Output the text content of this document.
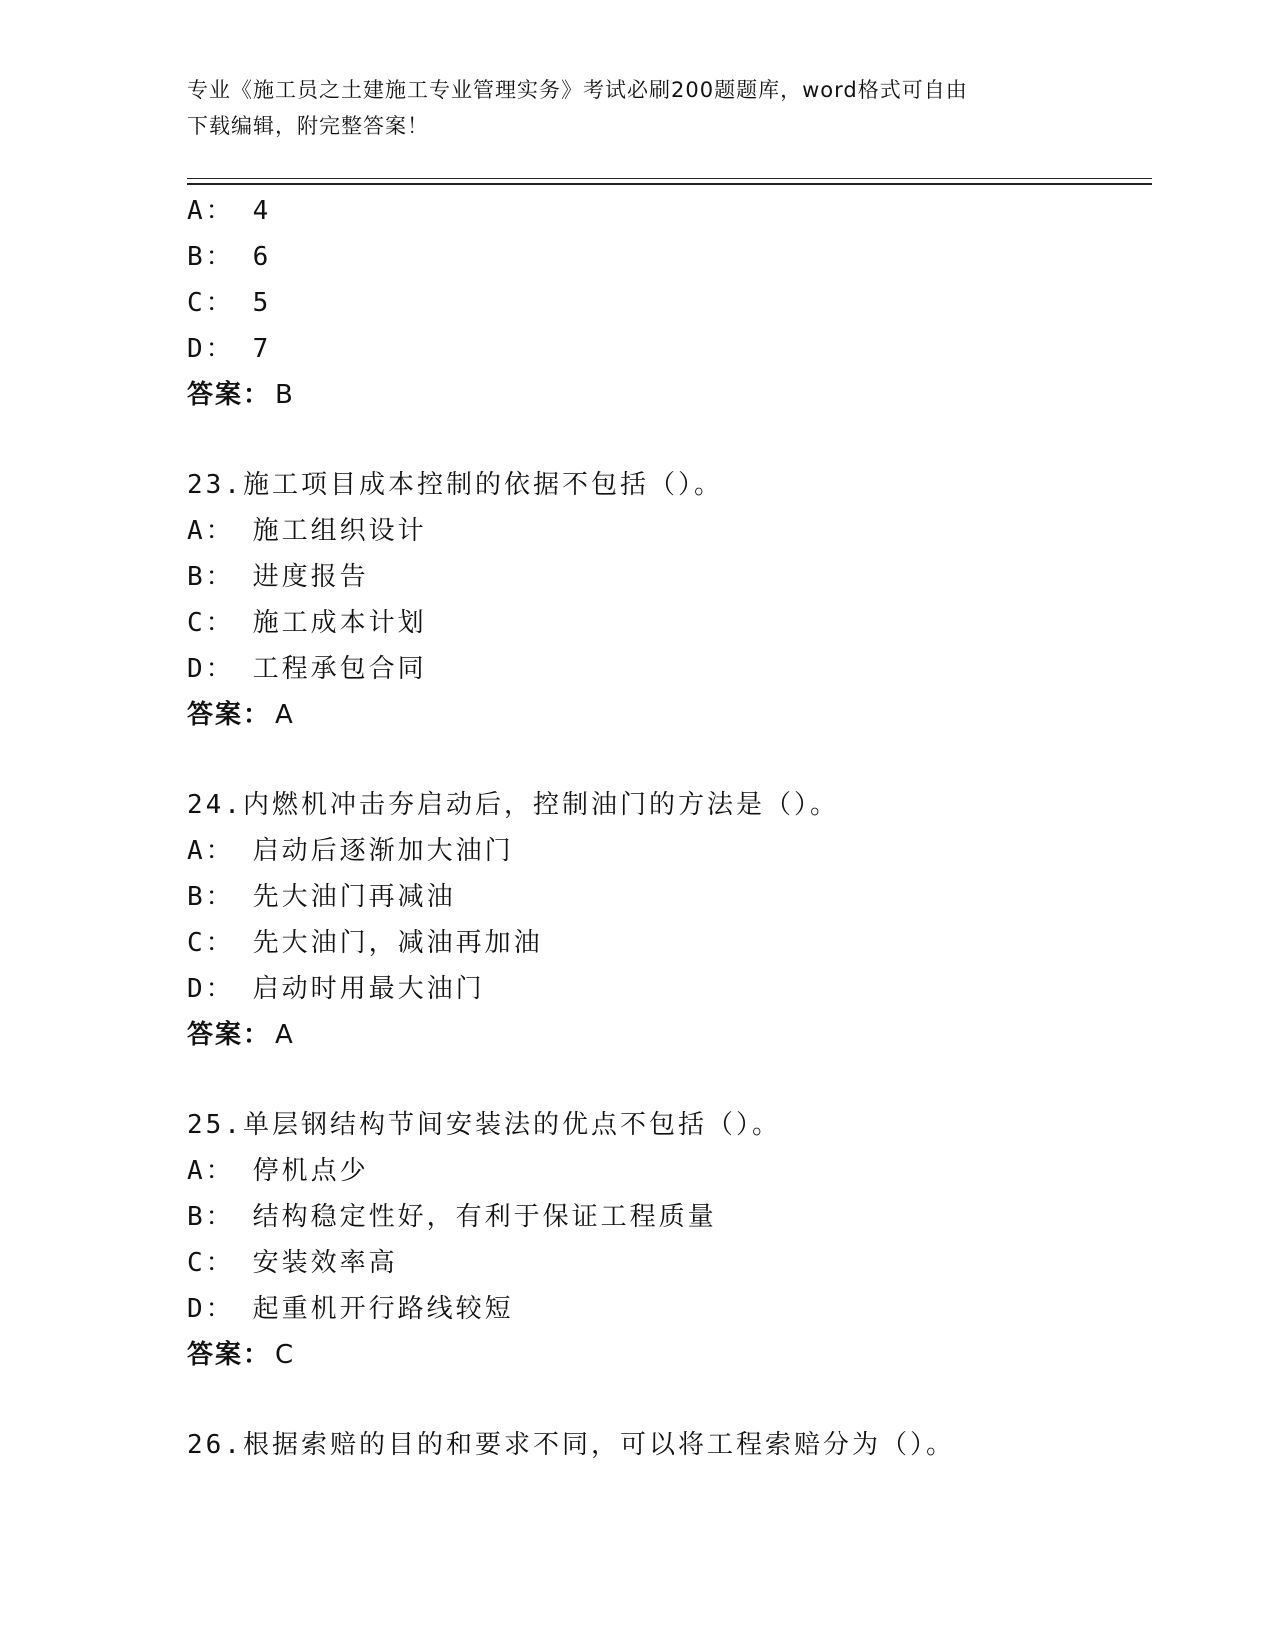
专业《施工员之土建施工专业管理实务》考试必刷200题题库，word格式可自由
下载编辑，附完整答案！
A： 4
B： 6
C： 5
D： 7
答案： B
23.施工项目成本控制的依据不包括（）。
A： 施工组织设计
B： 进度报告
C： 施工成本计划
D： 工程承包合同
答案： A
24.内燃机冲击夯启动后，控制油门的方法是（）。
A： 启动后逐渐加大油门
B： 先大油门再减油
C： 先大油门，减油再加油
D： 启动时用最大油门
答案： A
25.单层钢结构节间安装法的优点不包括（）。
A： 停机点少
B： 结构稳定性好，有利于保证工程质量
C： 安装效率高
D： 起重机开行路线较短
答案： C
26.根据索赔的目的和要求不同，可以将工程索赔分为（）。
